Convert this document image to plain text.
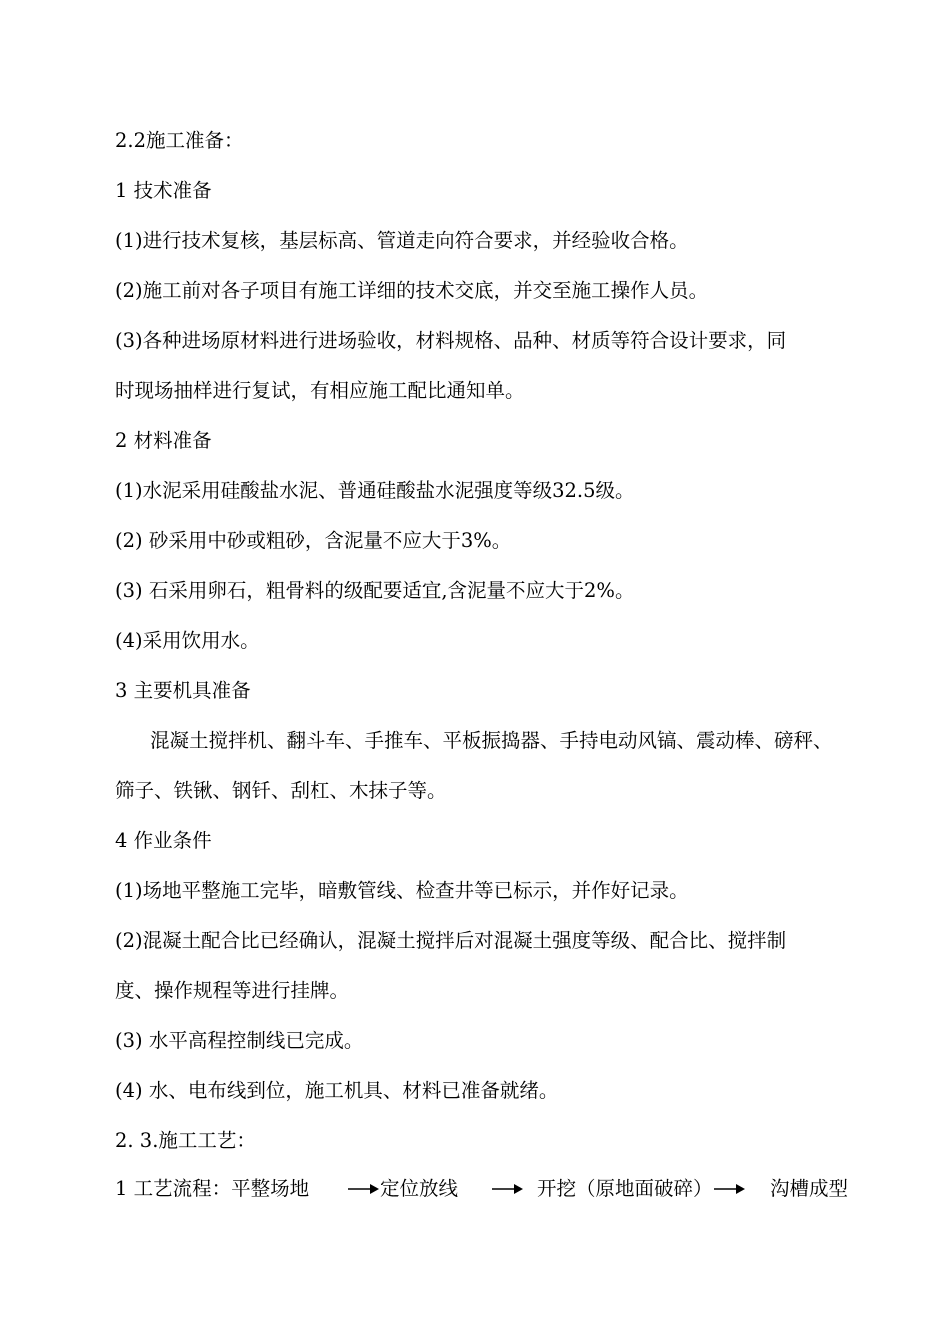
2.2施工准备：
1 技术准备
(1)进行技术复核，基层标高、管道走向符合要求，并经验收合格。
(2)施工前对各子项目有施工详细的技术交底，并交至施工操作人员。
(3)各种进场原材料进行进场验收，材料规格、品种、材质等符合设计要求，同
时现场抽样进行复试，有相应施工配比通知单。
2 材料准备
(1)水泥采用硅酸盐水泥、普通硅酸盐水泥强度等级32.5级。
(2) 砂采用中砂或粗砂，含泥量不应大于3%。
(3) 石采用卵石，粗骨料的级配要适宜,含泥量不应大于2%。
(4)采用饮用水。
3 主要机具准备
混凝土搅拌机、翻斗车、手推车、平板振捣器、手持电动风镐、震动棒、磅秤、
筛子、铁锹、钢钎、刮杠、木抹子等。
4 作业条件
(1)场地平整施工完毕，暗敷管线、检查井等已标示，并作好记录。
(2)混凝土配合比已经确认，混凝土搅拌后对混凝土强度等级、配合比、搅拌制
度、操作规程等进行挂牌。
(3) 水平高程控制线已完成。
(4) 水、电布线到位，施工机具、材料已准备就绪。
2. 3.施工工艺：
1 工艺流程：平整场地	定位放线	开挖（原地面破碎）	沟槽成型
